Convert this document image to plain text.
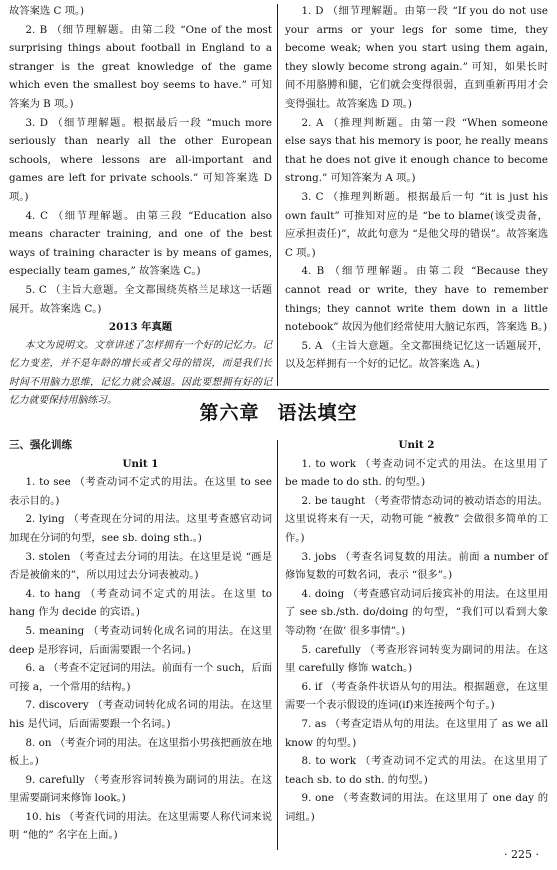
故答案选 C 项。)

2. B （细节理解题。由第二段 “One of the most surprising things about football in England to a stranger is the great knowledge of the game which even the smallest boy seems to have.” 可知答案为 B 项。)

3. D （细节理解题。根据最后一段 “much more seriously than nearly all the other European schools, where lessons are all-important and games are left for private schools.” 可知答案选 D 项。)

4. C （细节理解题。由第三段 “Education also means character training, and one of the best ways of training character is by means of games, especially team games,” 故答案选 C。)

5. C （主旨大意题。全文都围绕英格兰足球这一话题展开。故答案选 C。)

2013 年真题

本文为说明文。文章讲述了怎样拥有一个好的记忆力。记忆力变差，并不是年龄的增长或者父母的错误，而是我们长时间不用脑力思维，记忆力就会减退。因此要想拥有好的记忆力就要保持用脑练习。

1. D （细节理解题。由第一段 “If you do not use your arms or your legs for some time, they become weak; when you start using them again, they slowly become strong again.” 可知，如果长时间不用胳膊和腿，它们就会变得很弱，直到重新再用才会变得强壮。故答案选 D 项。)

2. A （推理判断题。由第一段 “When someone else says that his memory is poor, he really means that he does not give it enough chance to become strong.” 可知答案为 A 项。)

3. C （推理判断题。根据最后一句 “it is just his own fault” 可推知对应的是 “be to blame(该受责备，应承担责任)”，故此句意为 “是他父母的错误”。故答案选 C 项。)

4. B （细节理解题。由第二段 “Because they cannot read or write, they have to remember things; they cannot write them down in a little notebook” 故因为他们经常使用大脑记东西，答案选 B。)

5. A （主旨大意题。全文都围绕记忆这一话题展开，以及怎样拥有一个好的记忆。故答案选 A。)

第六章 语法填空

三、强化训练

Unit 1

1. to see （考查动词不定式的用法。在这里 to see 表示目的。)

2. lying （考查现在分词的用法。这里考查感官动词加现在分词的句型，see sb. doing sth.。)

3. stolen （考查过去分词的用法。在这里是说 “画是否是被偷来的”，所以用过去分词表被动。)

4. to hang （考查动词不定式的用法。在这里 to hang 作为 decide 的宾语。)

5. meaning （考查动词转化成名词的用法。在这里 deep 是形容词，后面需要跟一个名词。)

6. a （考查不定冠词的用法。前面有一个 such，后面可接 a，一个常用的结构。)

7. discovery （考查动词转化成名词的用法。在这里 his 是代词，后面需要跟一个名词。)

8. on （考查介词的用法。在这里指小男孩把画放在地板上。)

9. carefully （考查形容词转换为副词的用法。在这里需要副词来修饰 look。)

10. his （考查代词的用法。在这里需要人称代词来说明 “他的” 名字在上面。)

Unit 2

1. to work （考查动词不定式的用法。在这里用了 be made to do sth. 的句型。)

2. be taught （考查带情态动词的被动语态的用法。这里说将来有一天，动物可能 “被教” 会做很多简单的工作。)

3. jobs （考查名词复数的用法。前面 a number of 修饰复数的可数名词，表示 “很多”。)

4. doing （考查感官动词后接宾补的用法。在这里用了 see sb./sth. do/doing 的句型，“我们可以看到大象等动物 ‘在做’ 很多事情”。)

5. carefully （考查形容词转变为副词的用法。在这里 carefully 修饰 watch。)

6. if （考查条件状语从句的用法。根据题意，在这里需要一个表示假设的连词(if)来连接两个句子。)

7. as （考查定语从句的用法。在这里用了 as we all know 的句型。)

8. to work （考查动词不定式的用法。在这里用了 teach sb. to do sth. 的句型。)

9. one （考查数词的用法。在这里用了 one day 的词组。)

· 225 ·
